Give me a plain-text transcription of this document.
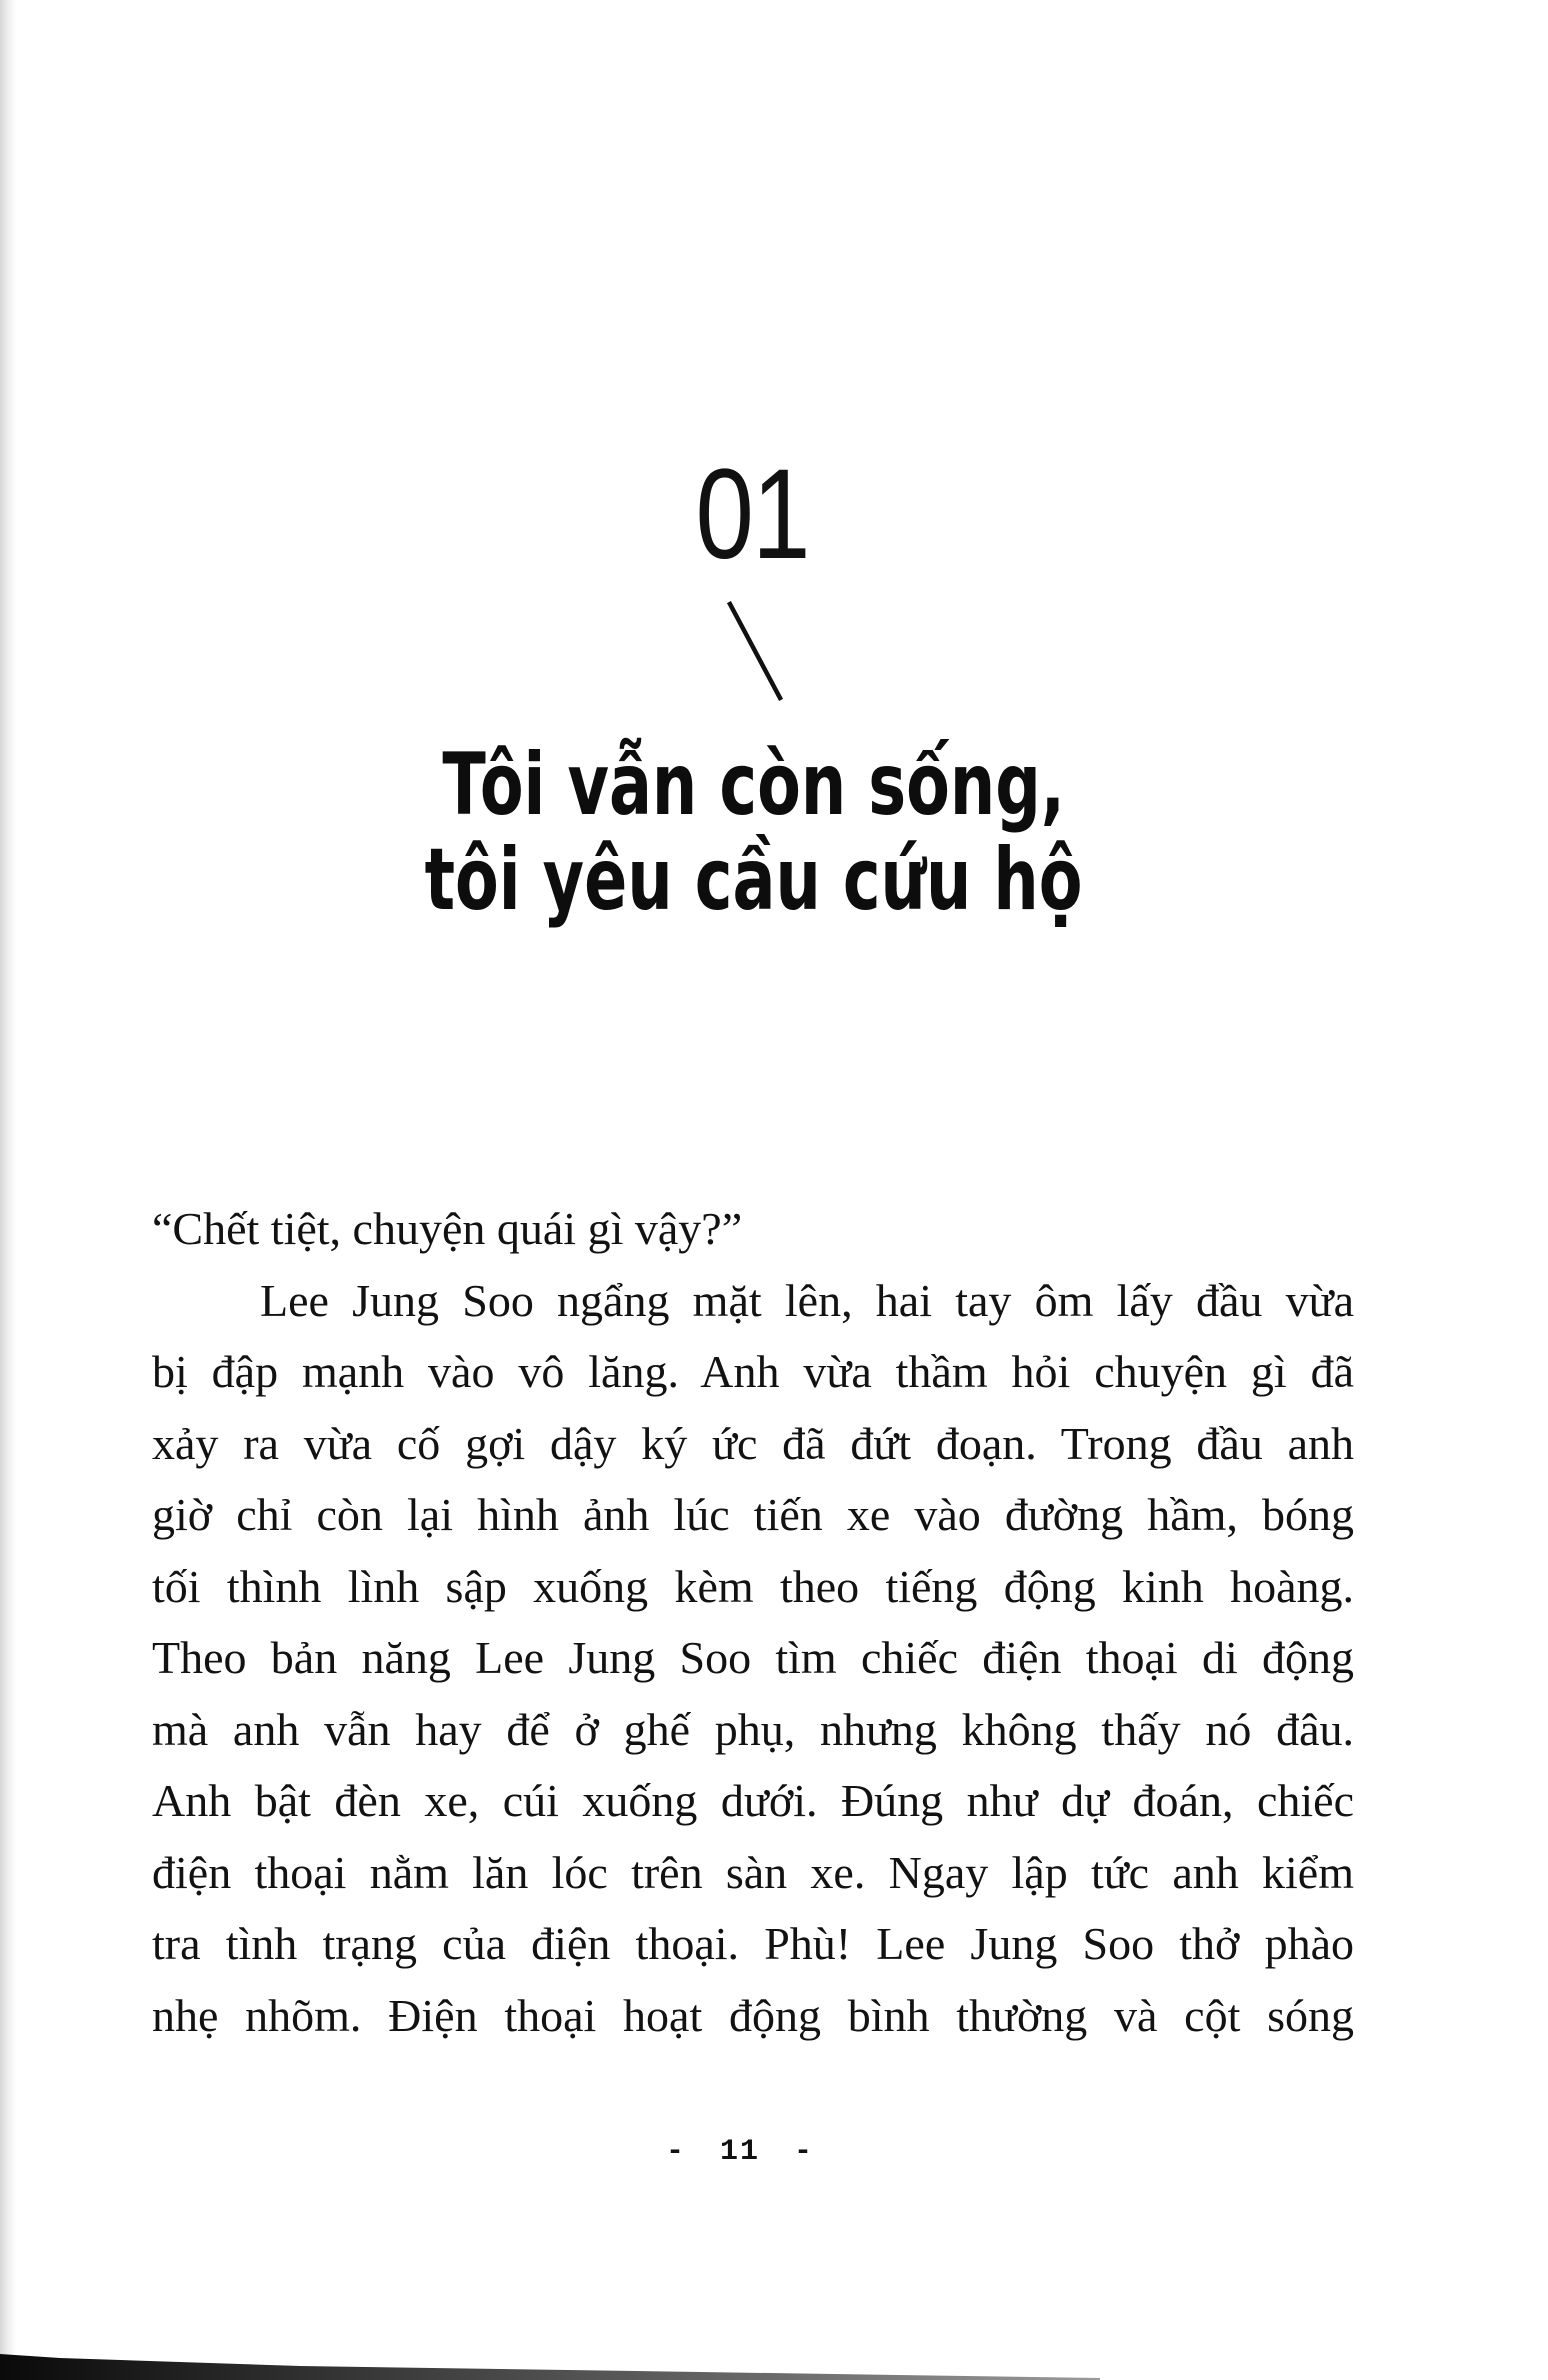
01
Tôi vẫn còn sống,
tôi yêu cầu cứu hộ
“Chết tiệt, chuyện quái gì vậy?”
Lee Jung Soo ngẩng mặt lên, hai tay ôm lấy đầu vừa
bị đập mạnh vào vô lăng. Anh vừa thầm hỏi chuyện gì đã
xảy ra vừa cố gợi dậy ký ức đã đứt đoạn. Trong đầu anh
giờ chỉ còn lại hình ảnh lúc tiến xe vào đường hầm, bóng
tối thình lình sập xuống kèm theo tiếng động kinh hoàng.
Theo bản năng Lee Jung Soo tìm chiếc điện thoại di động
mà anh vẫn hay để ở ghế phụ, nhưng không thấy nó đâu.
Anh bật đèn xe, cúi xuống dưới. Đúng như dự đoán, chiếc
điện thoại nằm lăn lóc trên sàn xe. Ngay lập tức anh kiểm
tra tình trạng của điện thoại. Phù! Lee Jung Soo thở phào
nhẹ nhõm. Điện thoại hoạt động bình thường và cột sóng
- 11 -
